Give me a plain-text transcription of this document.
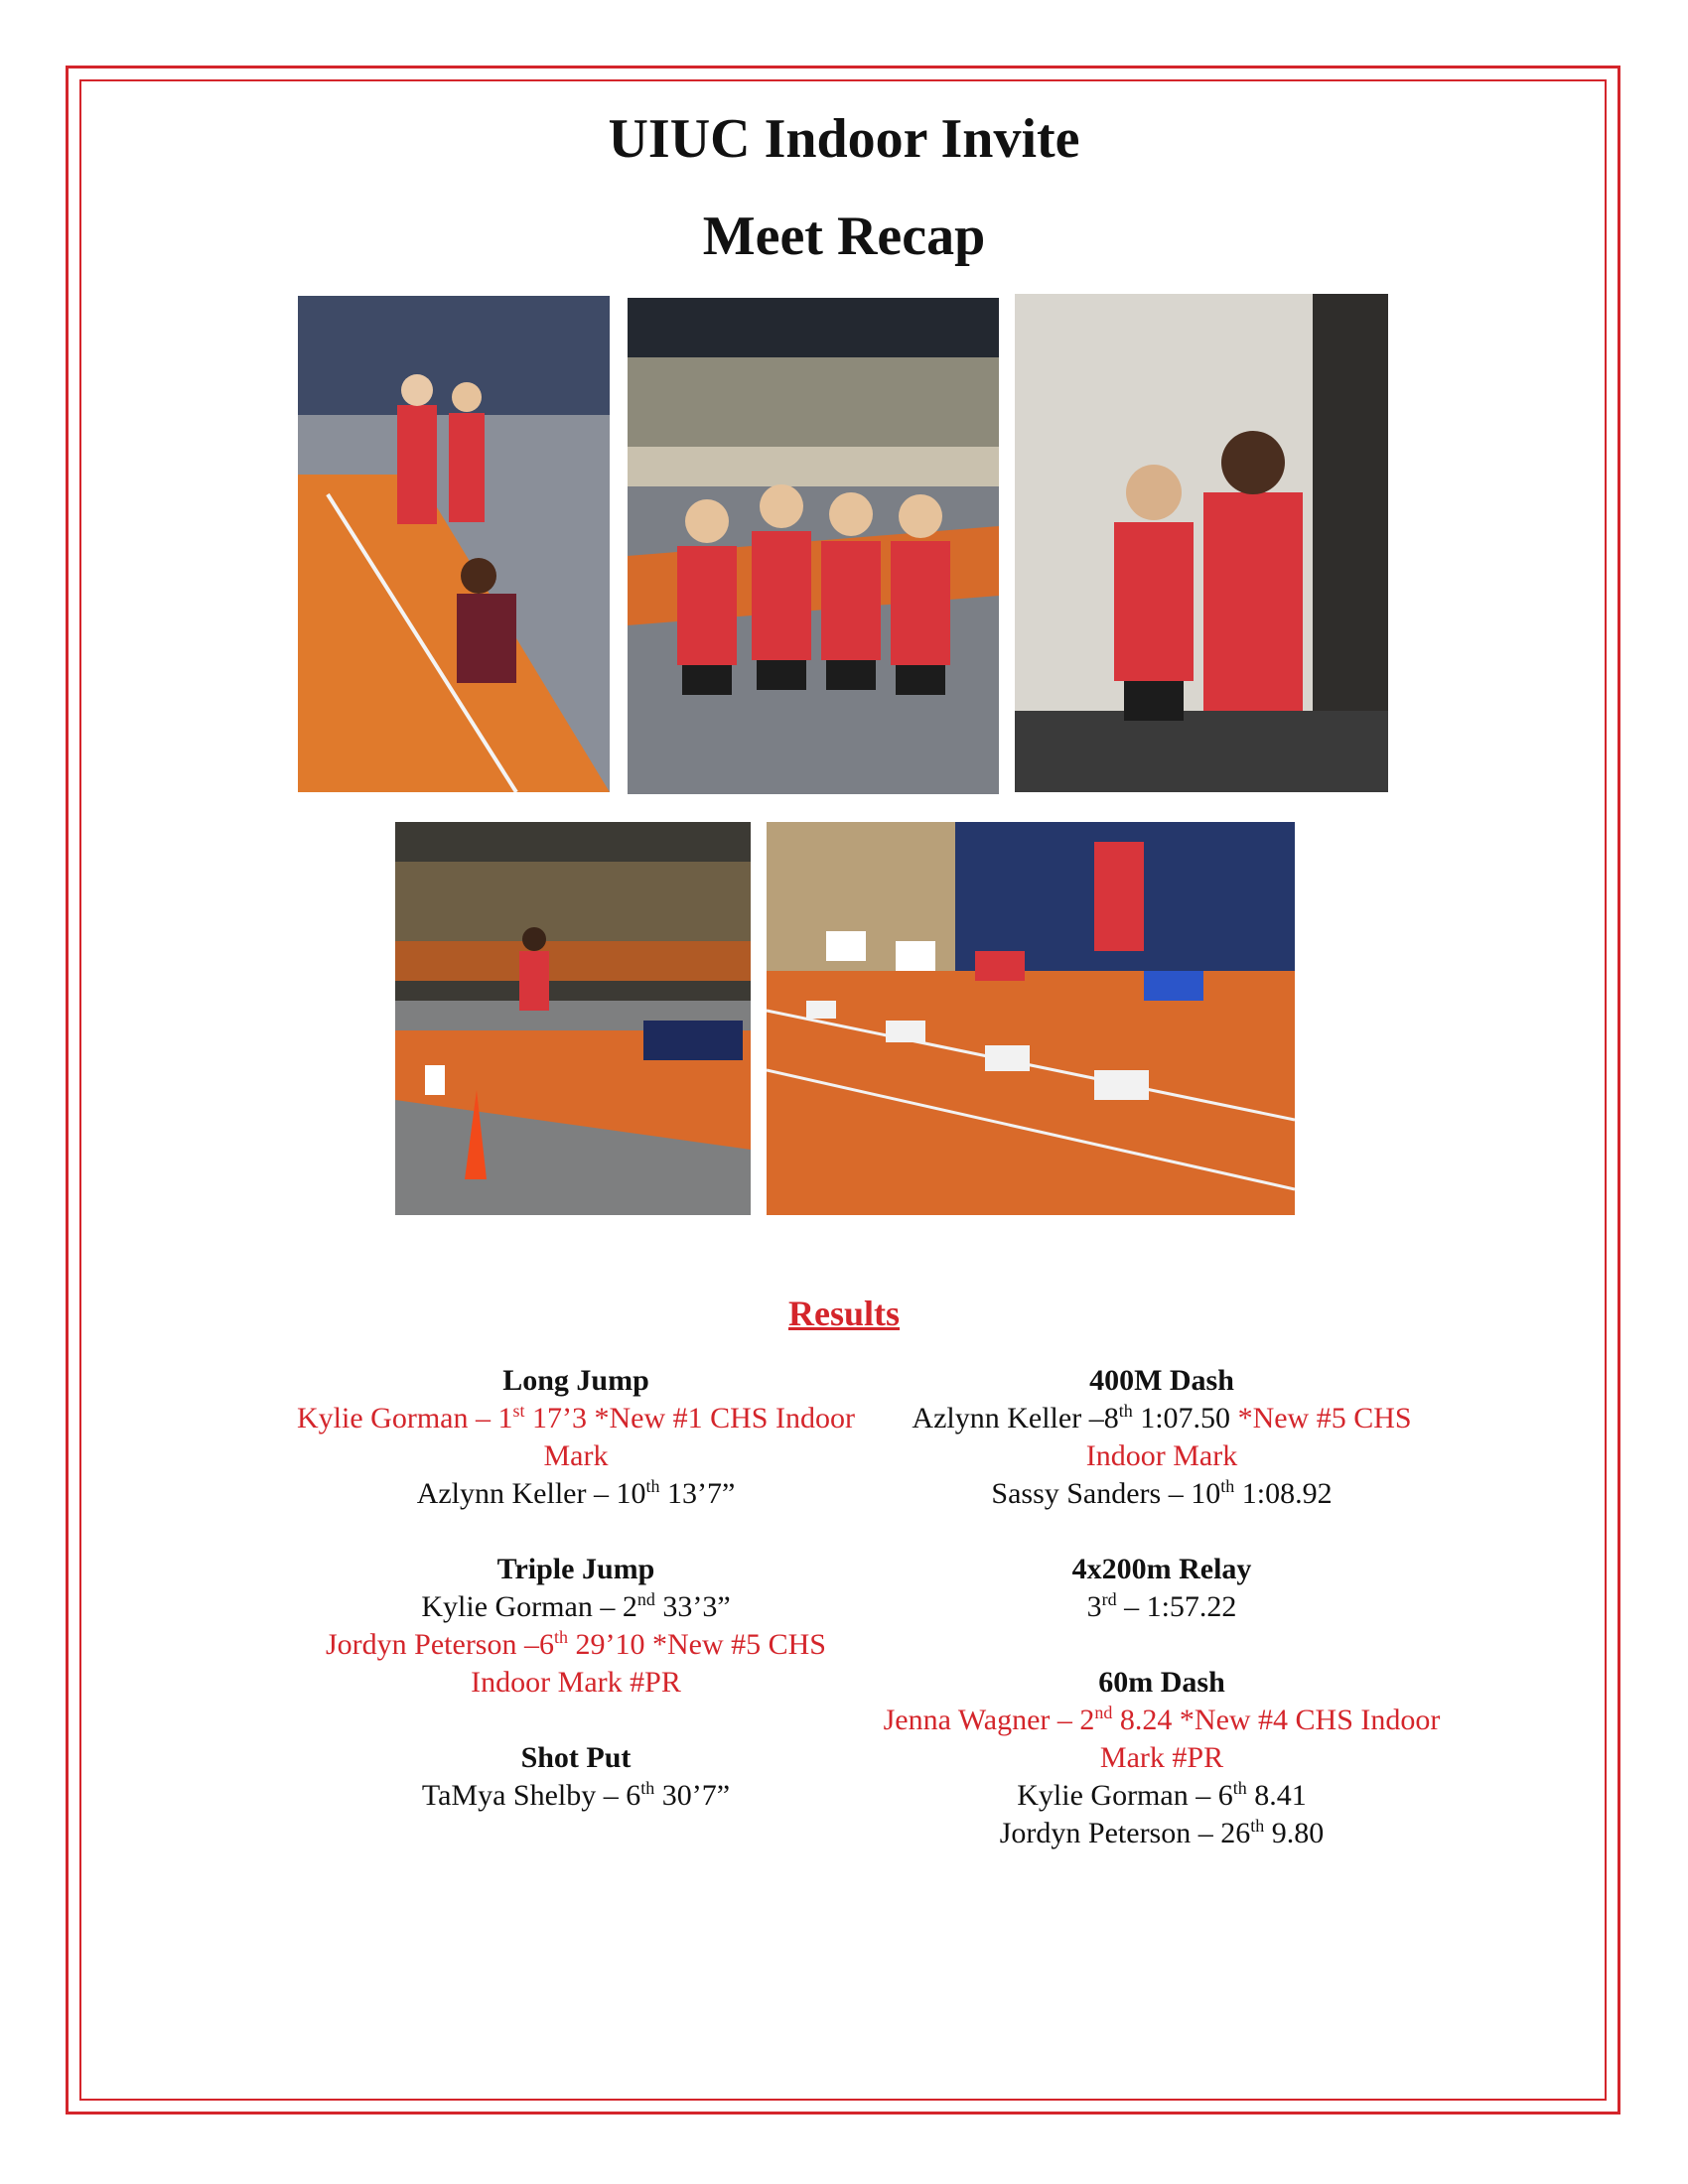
UIUC Indoor Invite
Meet Recap
Results
Long Jump
Kylie Gorman – 1st 17’3 *New #1 CHS Indoor Mark
Azlynn Keller – 10th 13’7”
Triple Jump
Kylie Gorman – 2nd 33’3”
Jordyn Peterson –6th 29’10 *New #5 CHS Indoor Mark #PR
Shot Put
TaMya Shelby – 6th 30’7”
400M Dash
Azlynn Keller –8th 1:07.50 *New #5 CHS Indoor Mark
Sassy Sanders – 10th 1:08.92
4x200m Relay
3rd – 1:57.22
60m Dash
Jenna Wagner – 2nd 8.24 *New #4 CHS Indoor Mark #PR
Kylie Gorman – 6th 8.41
Jordyn Peterson – 26th 9.80
